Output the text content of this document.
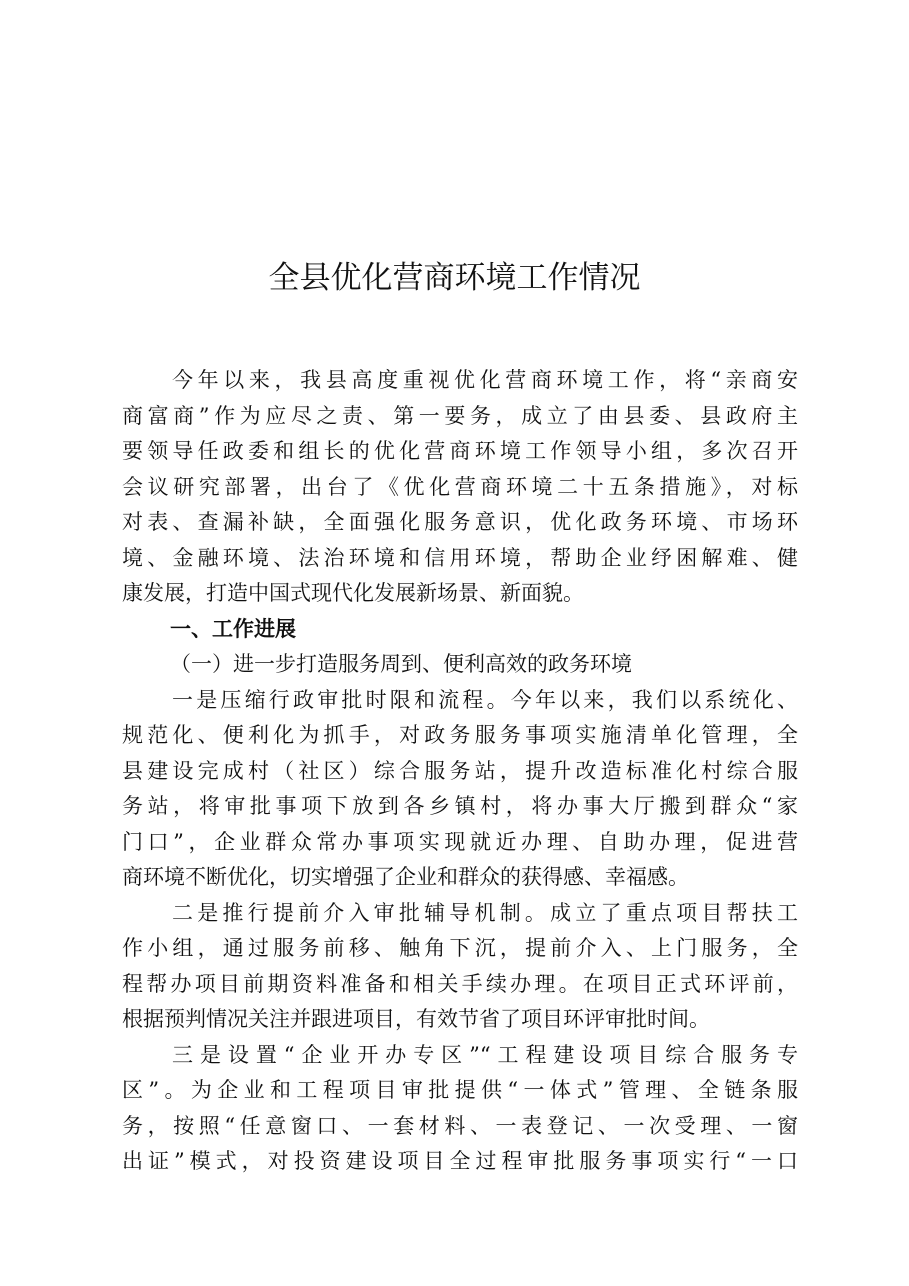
全县优化营商环境工作情况
今年以来，我县高度重视优化营商环境工作，将“亲商安
商富商”作为应尽之责、第一要务，成立了由县委、县政府主
要领导任政委和组长的优化营商环境工作领导小组，多次召开
会议研究部署，出台了《优化营商环境二十五条措施》，对标
对表、查漏补缺，全面强化服务意识，优化政务环境、市场环
境、金融环境、法治环境和信用环境，帮助企业纾困解难、健
康发展，打造中国式现代化发展新场景、新面貌。
一、工作进展
（一）进一步打造服务周到、便利高效的政务环境
一是压缩行政审批时限和流程。今年以来，我们以系统化、
规范化、便利化为抓手，对政务服务事项实施清单化管理，全
县建设完成村（社区）综合服务站，提升改造标准化村综合服
务站，将审批事项下放到各乡镇村，将办事大厅搬到群众“家
门口”，企业群众常办事项实现就近办理、自助办理，促进营
商环境不断优化，切实增强了企业和群众的获得感、幸福感。
二是推行提前介入审批辅导机制。成立了重点项目帮扶工
作小组，通过服务前移、触角下沉，提前介入、上门服务，全
程帮办项目前期资料准备和相关手续办理。在项目正式环评前，
根据预判情况关注并跟进项目，有效节省了项目环评审批时间。
三是设置“企业开办专区”“工程建设项目综合服务专
区”。为企业和工程项目审批提供“一体式”管理、全链条服
务，按照“任意窗口、一套材料、一表登记、一次受理、一窗
出证”模式，对投资建设项目全过程审批服务事项实行“一口
